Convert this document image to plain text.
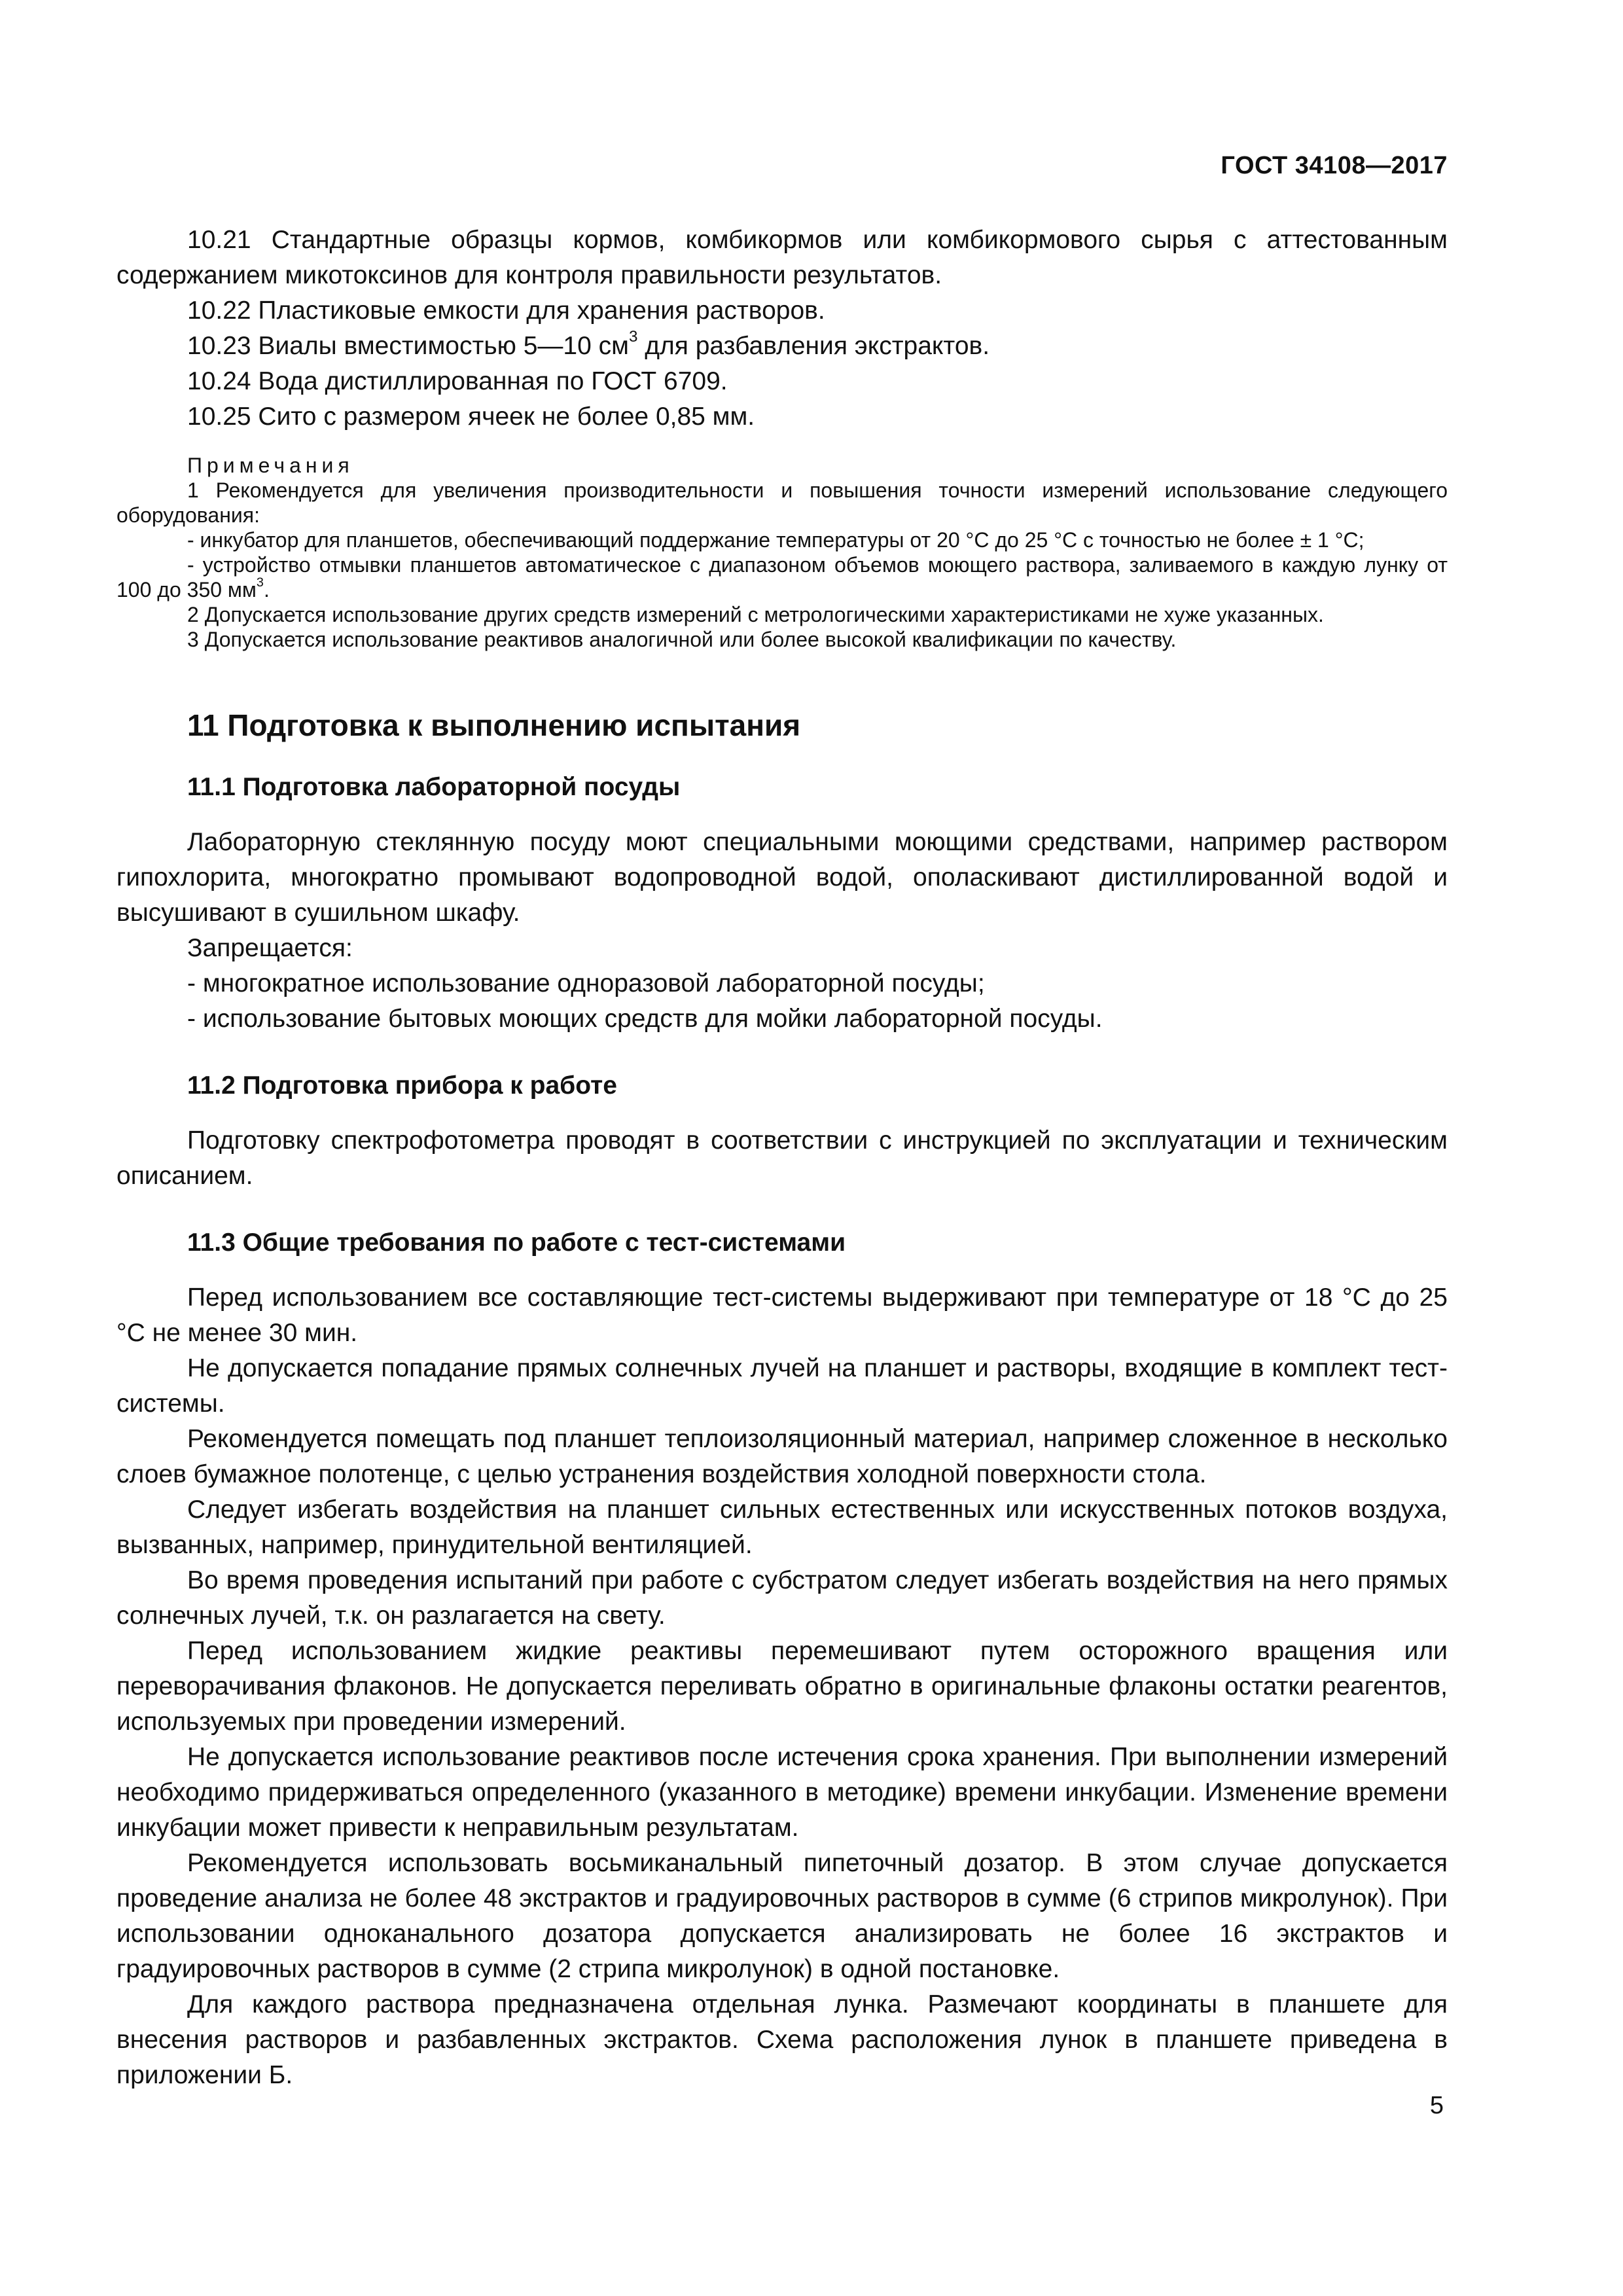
ГОСТ 34108—2017

10.21 Стандартные образцы кормов, комбикормов или комбикормового сырья с аттестованным содержанием микотоксинов для контроля правильности результатов.

10.22 Пластиковые емкости для хранения растворов.

10.23 Виалы вместимостью 5—10 $см^3$ для разбавления экстрактов.

10.24 Вода дистиллированная по ГОСТ 6709.

10.25 Сито с размером ячеек не более 0,85 мм.

Примечания

1 Рекомендуется для увеличения производительности и повышения точности измерений использование следующего оборудования:

- инкубатор для планшетов, обеспечивающий поддержание температуры от 20 °С до 25 °С с точностью не более ± 1 °С;

- устройство отмывки планшетов автоматическое с диапазоном объемов моющего раствора, заливаемого в каждую лунку от 100 до 350 $мм^3$.

2 Допускается использование других средств измерений с метрологическими характеристиками не хуже указанных.

3 Допускается использование реактивов аналогичной или более высокой квалификации по качеству.

11 Подготовка к выполнению испытания
11.1 Подготовка лабораторной посуды

Лабораторную стеклянную посуду моют специальными моющими средствами, например раствором гипохлорита, многократно промывают водопроводной водой, ополаскивают дистиллированной водой и высушивают в сушильном шкафу.

Запрещается:

- многократное использование одноразовой лабораторной посуды;

- использование бытовых моющих средств для мойки лабораторной посуды.

11.2 Подготовка прибора к работе

Подготовку спектрофотометра проводят в соответствии с инструкцией по эксплуатации и техническим описанием.

11.3 Общие требования по работе с тест-системами

Перед использованием все составляющие тест-системы выдерживают при температуре от 18 °С до 25 °С не менее 30 мин.

Не допускается попадание прямых солнечных лучей на планшет и растворы, входящие в комплект тест-системы.

Рекомендуется помещать под планшет теплоизоляционный материал, например сложенное в несколько слоев бумажное полотенце, с целью устранения воздействия холодной поверхности стола.

Следует избегать воздействия на планшет сильных естественных или искусственных потоков воздуха, вызванных, например, принудительной вентиляцией.

Во время проведения испытаний при работе с субстратом следует избегать воздействия на него прямых солнечных лучей, т.к. он разлагается на свету.

Перед использованием жидкие реактивы перемешивают путем осторожного вращения или переворачивания флаконов. Не допускается переливать обратно в оригинальные флаконы остатки реагентов, используемых при проведении измерений.

Не допускается использование реактивов после истечения срока хранения. При выполнении измерений необходимо придерживаться определенного (указанного в методике) времени инкубации. Изменение времени инкубации может привести к неправильным результатам.

Рекомендуется использовать восьмиканальный пипеточный дозатор. В этом случае допускается проведение анализа не более 48 экстрактов и градуировочных растворов в сумме (6 стрипов микролунок). При использовании одноканального дозатора допускается анализировать не более 16 экстрактов и градуировочных растворов в сумме (2 стрипа микролунок) в одной постановке.

Для каждого раствора предназначена отдельная лунка. Размечают координаты в планшете для внесения растворов и разбавленных экстрактов. Схема расположения лунок в планшете приведена в приложении Б.

5
